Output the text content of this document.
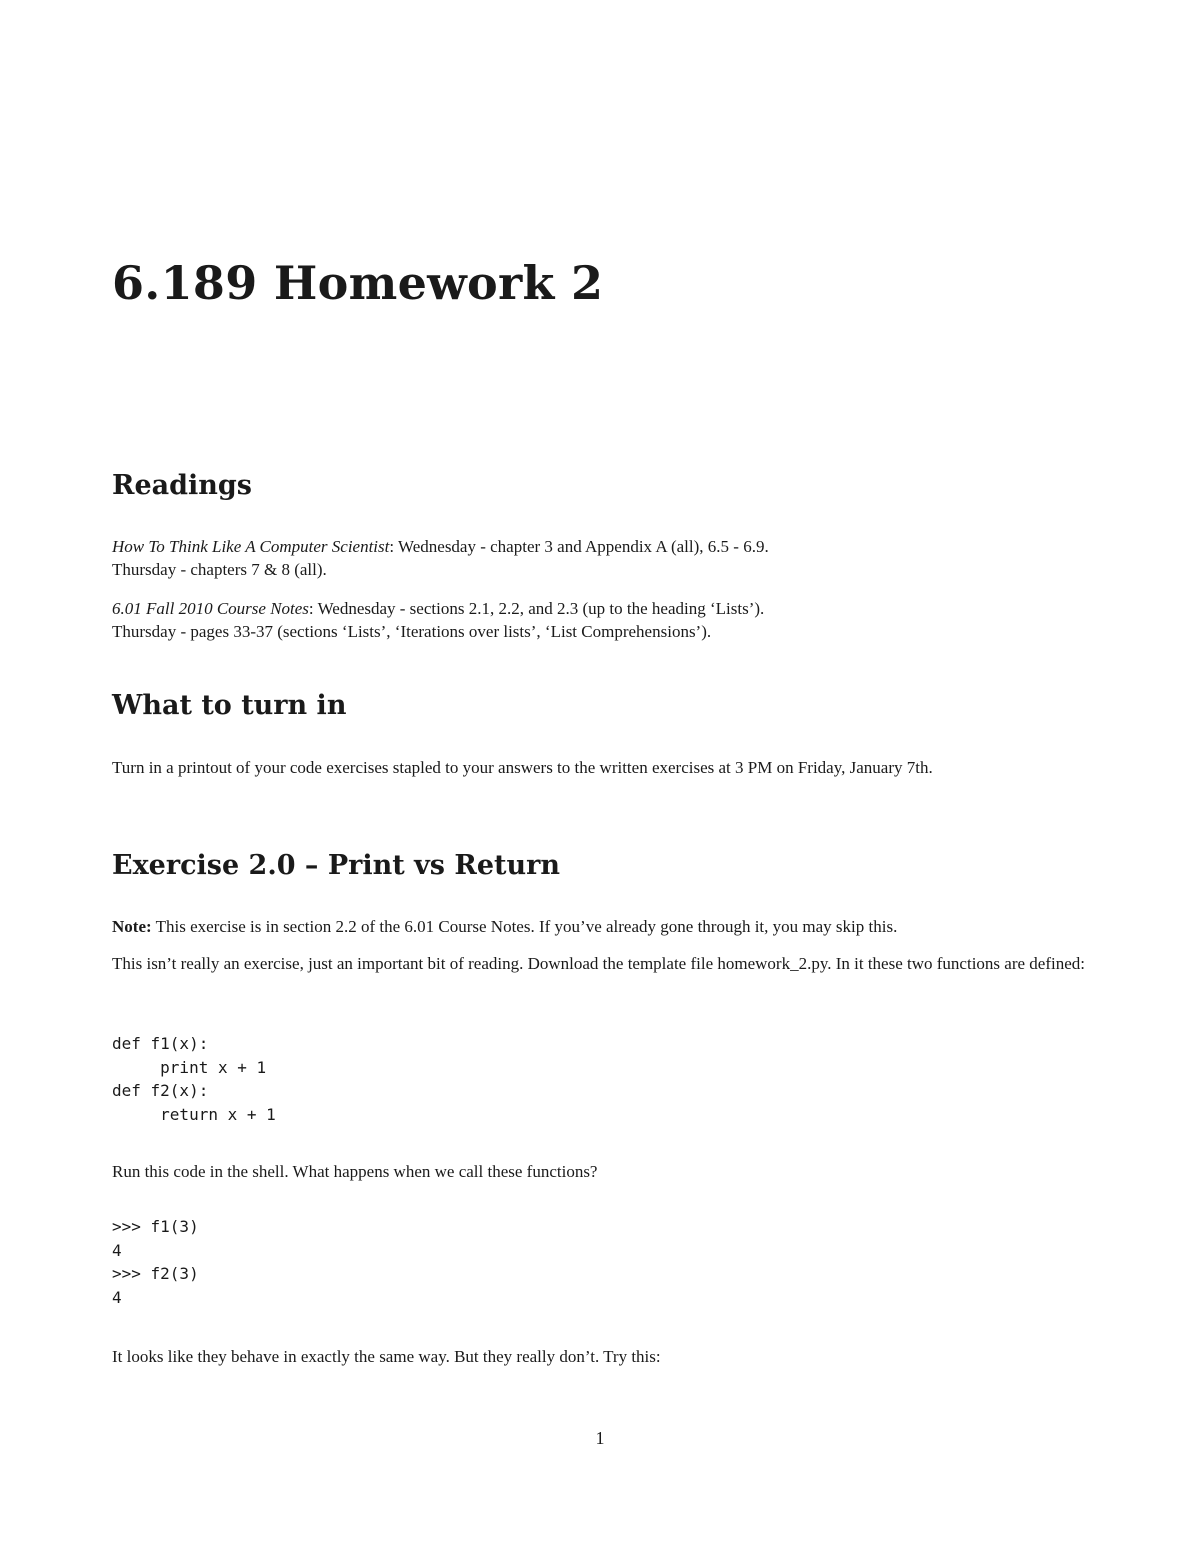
6.189 Homework 2
Readings

How To Think Like A Computer Scientist: Wednesday - chapter 3 and Appendix A (all), 6.5 - 6.9.
Thursday - chapters 7 & 8 (all).

6.01 Fall 2010 Course Notes: Wednesday - sections 2.1, 2.2, and 2.3 (up to the heading ‘Lists’).
Thursday - pages 33-37 (sections ‘Lists’, ‘Iterations over lists’, ‘List Comprehensions’).

What to turn in

Turn in a printout of your code exercises stapled to your answers to the written exercises at 3 PM on Friday, January 7th.

Exercise 2.0 – Print vs Return

Note: This exercise is in section 2.2 of the 6.01 Course Notes. If you’ve already gone through it, you may skip this.

This isn’t really an exercise, just an important bit of reading. Download the template file homework_2.py. In it these two functions are defined:

def f1(x):
print x + 1
def f2(x):
return x + 1

Run this code in the shell. What happens when we call these functions?

>>> f1(3)
4
>>> f2(3)
4

It looks like they behave in exactly the same way. But they really don’t. Try this:

1
